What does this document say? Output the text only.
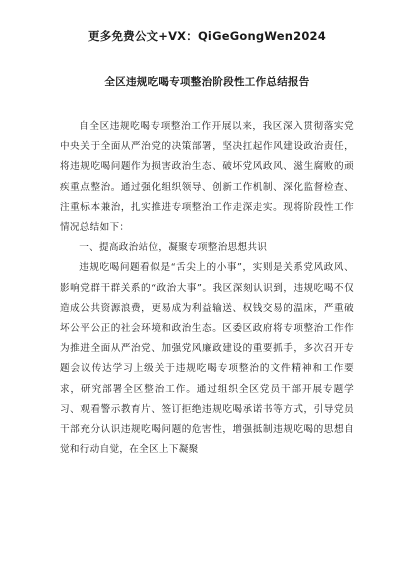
更多免费公文+VX：QiGeGongWen2024
全区违规吃喝专项整治阶段性工作总结报告

自全区违规吃喝专项整治工作开展以来，我区深入贯彻落实党中央关于全面从严治党的决策部署，坚决扛起作风建设政治责任，将违规吃喝问题作为损害政治生态、破坏党风政风、滋生腐败的顽疾重点整治。通过强化组织领导、创新工作机制、深化监督检查、注重标本兼治，扎实推进专项整治工作走深走实。现将阶段性工作情况总结如下：

一、提高政治站位，凝聚专项整治思想共识

违规吃喝问题看似是“舌尖上的小事”，实则是关系党风政风、影响党群干群关系的“政治大事”。我区深刻认识到，违规吃喝不仅造成公共资源浪费，更易成为利益输送、权钱交易的温床，严重破坏公平公正的社会环境和政治生态。区委区政府将专项整治工作作为推进全面从严治党、加强党风廉政建设的重要抓手，多次召开专题会议传达学习上级关于违规吃喝专项整治的文件精神和工作要求，研究部署全区整治工作。通过组织全区党员干部开展专题学习、观看警示教育片、签订拒绝违规吃喝承诺书等方式，引导党员干部充分认识违规吃喝问题的危害性，增强抵制违规吃喝的思想自觉和行动自觉，在全区上下凝聚
